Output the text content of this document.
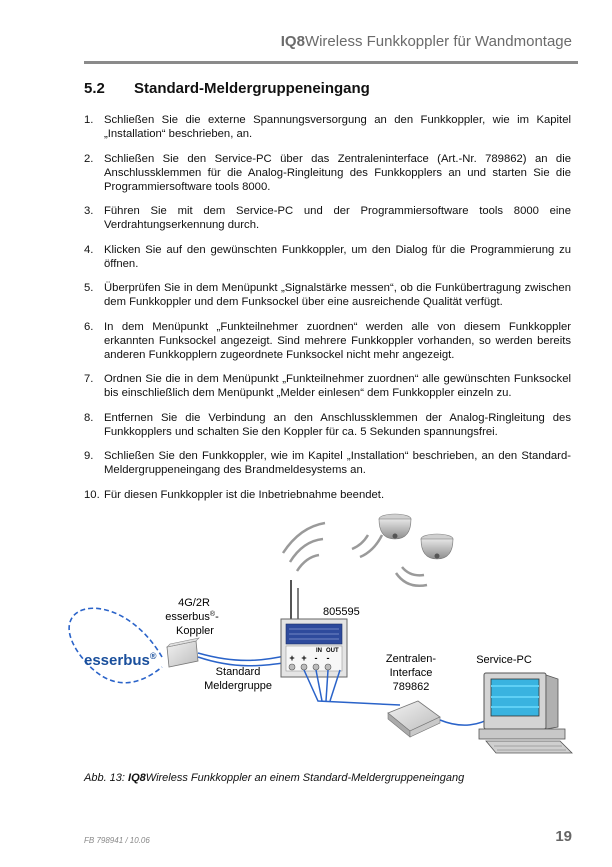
IQ8Wireless Funkkoppler für Wandmontage
5.2 Standard-Meldergruppeneingang
1. Schließen Sie die externe Spannungsversorgung an den Funkkoppler, wie im Kapitel „Installation“ beschrieben, an.
2. Schließen Sie den Service-PC über das Zentraleninterface (Art.-Nr. 789862) an die Anschlussklemmen für die Analog-Ringleitung des Funkkopplers an und starten Sie die Programmiersoftware tools 8000.
3. Führen Sie mit dem Service-PC und der Programmiersoftware tools 8000 eine Verdrahtungserkennung durch.
4. Klicken Sie auf den gewünschten Funkkoppler, um den Dialog für die Programmierung zu öffnen.
5. Überprüfen Sie in dem Menüpunkt „Signalstärke messen“, ob die Funkübertragung zwischen dem Funkkoppler und dem Funksockel über eine ausreichende Qualität verfügt.
6. In dem Menüpunkt „Funkteilnehmer zuordnen“ werden alle von diesem Funkkoppler erkannten Funksockel angezeigt. Sind mehrere Funkkoppler vorhanden, so werden bereits anderen Funkkopplern zugeordnete Funksockel nicht mehr angezeigt.
7. Ordnen Sie die in dem Menüpunkt „Funkteilnehmer zuordnen“ alle gewünschten Funksockel bis einschließlich dem Menüpunkt „Melder einlesen“ dem Funkkoppler einzeln zu.
8. Entfernen Sie die Verbindung an den Anschlussklemmen der Analog-Ringleitung des Funkkopplers und schalten Sie den Koppler für ca. 5 Sekunden spannungsfrei.
9. Schließen Sie den Funkkoppler, wie im Kapitel „Installation“ beschrieben, an den Standard-Meldergruppeneingang des Brandmeldesystems an.
10. Für diesen Funkkoppler ist die Inbetriebnahme beendet.
esserbus®
4G/2R
esserbus®-
Koppler
Standard
Meldergruppe
805595
IN OUT
+ + - -	Zentralen-
Interface
789862
Service-PC
Abb. 13: IQ8Wireless Funkkoppler an einem Standard-Meldergruppeneingang
FB 798941 / 10.06	19
